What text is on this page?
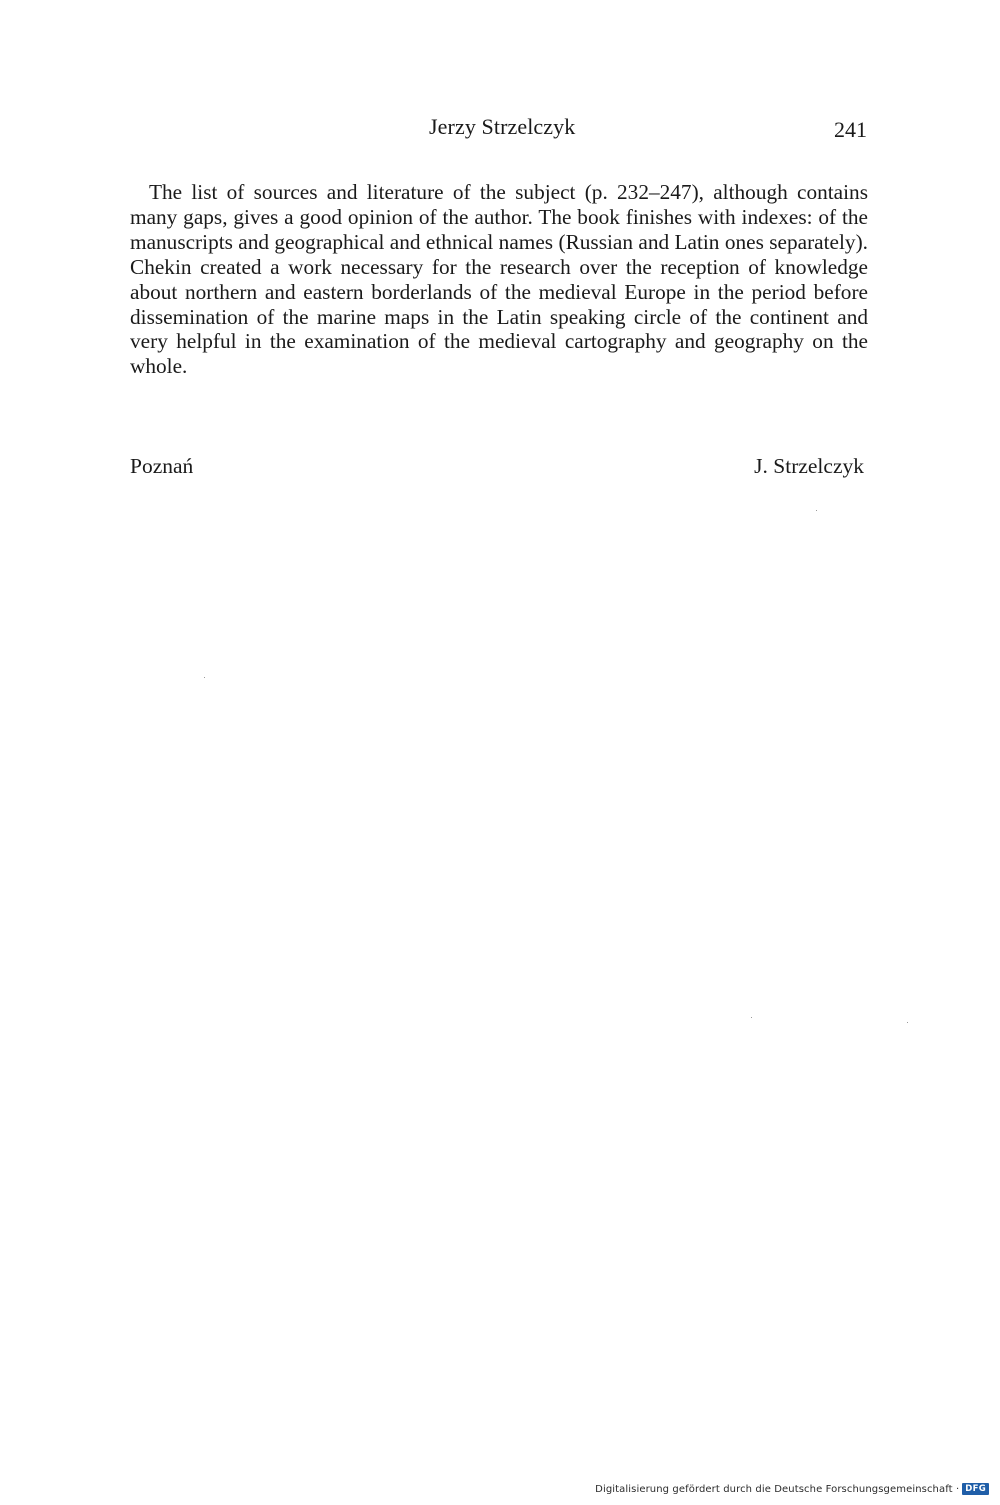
Jerzy Strzelczyk	241

The list of sources and literature of the subject (p. 232–247), although contains many gaps, gives a good opinion of the author. The book finishes with indexes: of the manuscripts and geographical and ethnical names (Russian and Latin ones separately). Chekin created a work necessary for the research over the reception of knowledge about northern and eastern borderlands of the medieval Europe in the period before dissemination of the marine maps in the Latin speaking circle of the continent and very helpful in the examination of the medieval cartography and geography on the whole.

Poznań	J. Strzelczyk
Digitalisierung gefördert durch die Deutsche Forschungsgemeinschaft · DFG
